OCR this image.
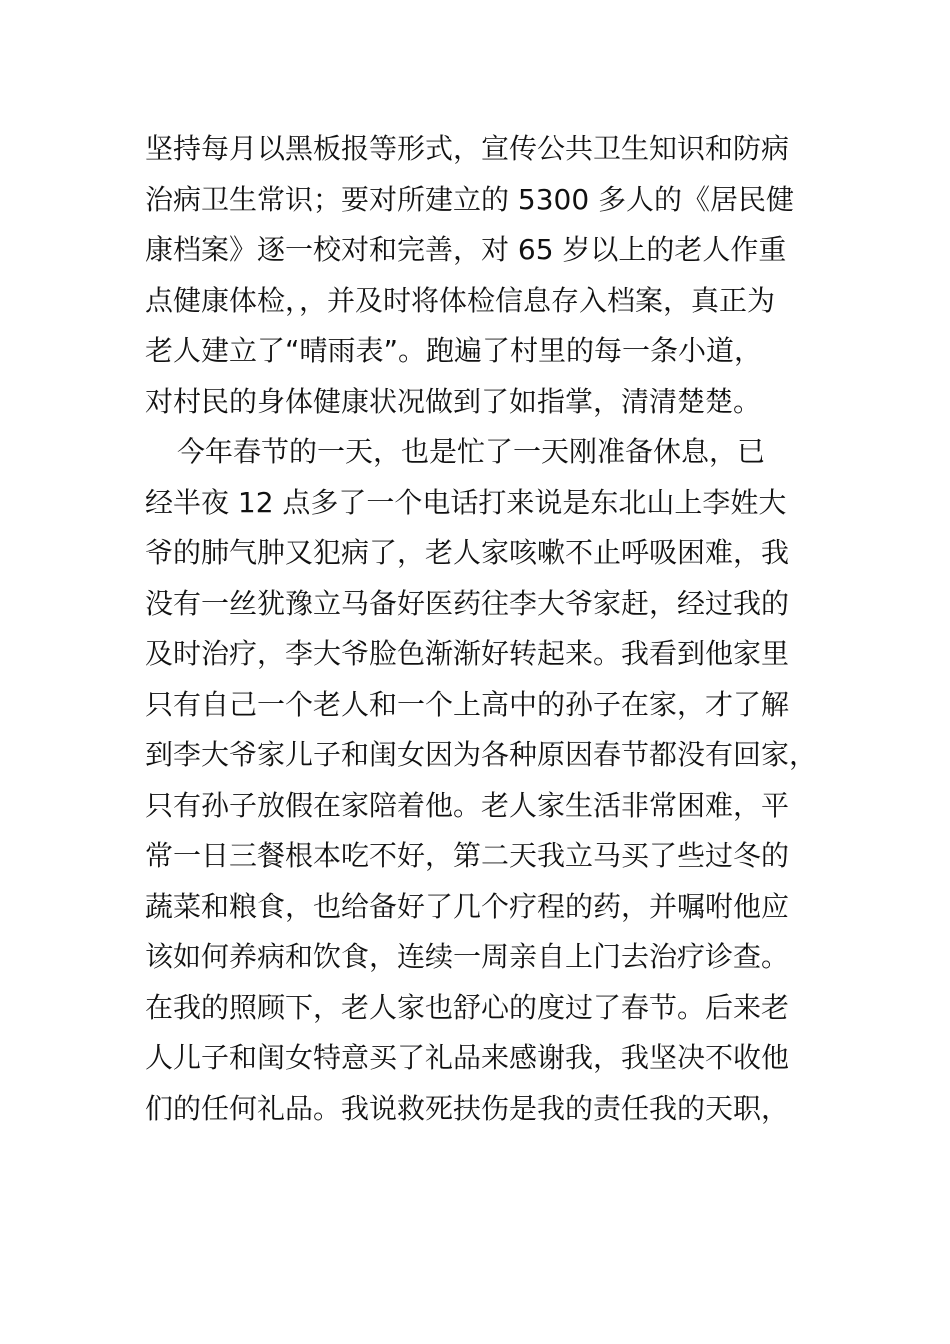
坚持每月以黑板报等形式，宣传公共卫生知识和防病
治病卫生常识；要对所建立的 5300 多人的《居民健
康档案》逐一校对和完善，对 65 岁以上的老人作重
点健康体检，，并及时将体检信息存入档案，真正为
老人建立了“晴雨表”。跑遍了村里的每一条小道，
对村民的身体健康状况做到了如指掌，清清楚楚。
今年春节的一天，也是忙了一天刚准备休息，已
经半夜 12 点多了一个电话打来说是东北山上李姓大
爷的肺气肿又犯病了，老人家咳嗽不止呼吸困难，我
没有一丝犹豫立马备好医药往李大爷家赶，经过我的
及时治疗，李大爷脸色渐渐好转起来。我看到他家里
只有自己一个老人和一个上高中的孙子在家，才了解
到李大爷家儿子和闺女因为各种原因春节都没有回家，
只有孙子放假在家陪着他。老人家生活非常困难，平
常一日三餐根本吃不好，第二天我立马买了些过冬的
蔬菜和粮食，也给备好了几个疗程的药，并嘱咐他应
该如何养病和饮食，连续一周亲自上门去治疗诊查。
在我的照顾下，老人家也舒心的度过了春节。后来老
人儿子和闺女特意买了礼品来感谢我，我坚决不收他
们的任何礼品。我说救死扶伤是我的责任我的天职，
